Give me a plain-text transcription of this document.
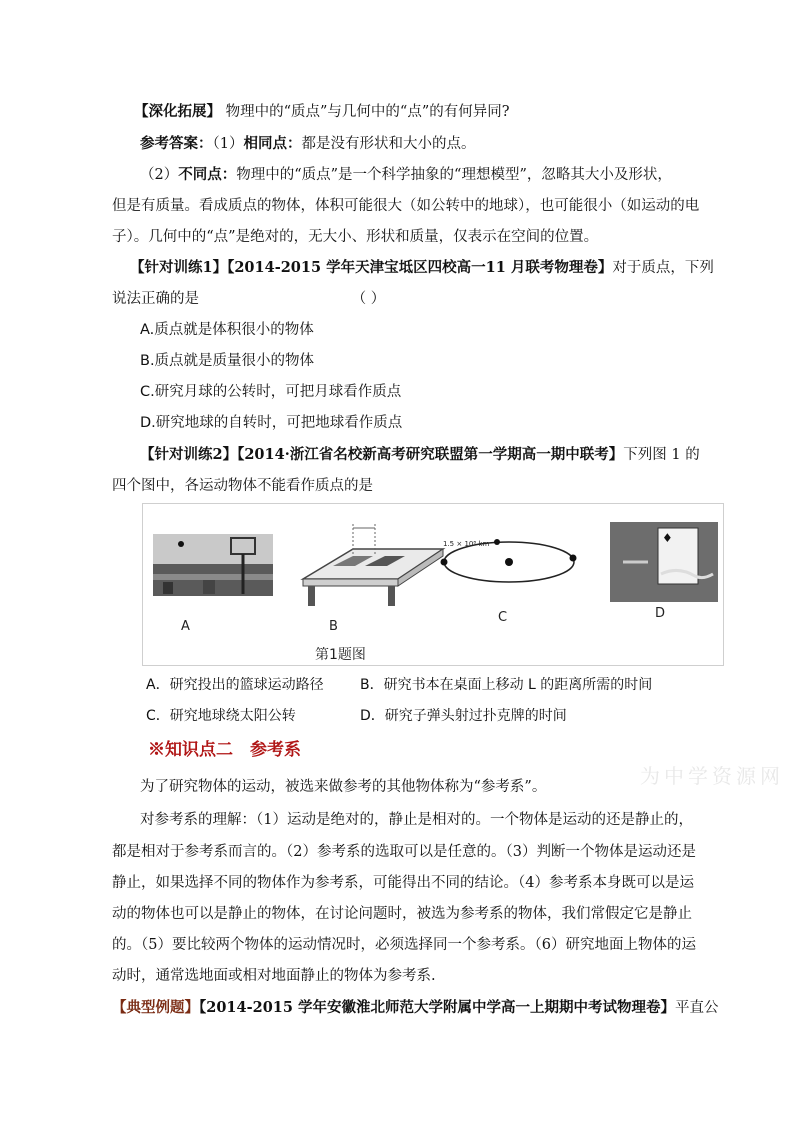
【深化拓展】 物理中的“质点”与几何中的“点”的有何异同?
参考答案：（1）相同点：都是没有形状和大小的点。
（2）不同点：物理中的“质点”是一个科学抽象的“理想模型”，忽略其大小及形状，
但是有质量。看成质点的物体，体积可能很大（如公转中的地球），也可能很小（如运动的电
子）。几何中的“点”是绝对的，无大小、形状和质量，仅表示在空间的位置。
【针对训练1】【2014-2015 学年天津宝坻区四校高一11 月联考物理卷】对于质点，下列
说法正确的是	（ ）
A.质点就是体积很小的物体
B.质点就是质量很小的物体
C.研究月球的公转时，可把月球看作质点
D.研究地球的自转时，可把地球看作质点
【针对训练2】【2014·浙江省名校新高考研究联盟第一学期高一期中联考】下列图 1 的
四个图中，各运动物体不能看作质点的是
1.5 × 10⁸ km	♦
A	B
C	D
第1题图
A．研究投出的篮球运动路径	B．研究书本在桌面上移动 L 的距离所需的时间
C．研究地球绕太阳公转	D．研究子弹头射过扑克牌的时间
※知识点二　参考系
为中学资源网
为了研究物体的运动，被选来做参考的其他物体称为“参考系”。
对参考系的理解：（1）运动是绝对的，静止是相对的。一个物体是运动的还是静止的，
都是相对于参考系而言的。（2）参考系的选取可以是任意的。（3）判断一个物体是运动还是
静止，如果选择不同的物体作为参考系，可能得出不同的结论。（4）参考系本身既可以是运
动的物体也可以是静止的物体，在讨论问题时，被选为参考系的物体，我们常假定它是静止
的。（5）要比较两个物体的运动情况时，必须选择同一个参考系。（6）研究地面上物体的运
动时，通常选地面或相对地面静止的物体为参考系.
【典型例题】【2014-2015 学年安徽淮北师范大学附属中学高一上期期中考试物理卷】平直公
